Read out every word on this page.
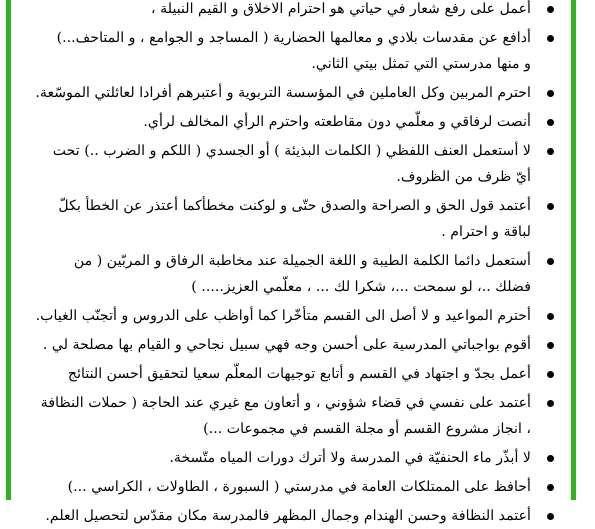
أعمل على رفع شعار في حياتي هو احترام الاخلاق و القيم النبيلة ،
أدافع عن مقدسات بلادي و معالمها الحضارية ( المساجد و الجوامع ، و المتاحف...)
و منها مدرستي التي تمثل بيتي الثاني.
احترم المربين وكل العاملين في المؤسسة التربوية و أعتبرهم أفرادا لعائلتي الموسّعة.
أنصت لرفاقي و معلّمي دون مقاطعته واحترم الرأي المخالف لرأي.
لا أستعمل العنف اللفظي ( الكلمات البذيئة ) أو الجسدي ( اللكم و الضرب ..) تحت
أيّ ظرف من الظروف.
أعتمد قول الحق و الصراحة والصدق حتّى و لوكنت مخطأكما أعتذر عن الخطأ بكلّ
لباقة و احترام .
أستعمل دائما الكلمة الطيبة و اللغة الجميلة عند مخاطبة الرفاق و المربّين ( من
فضلك ..، لو سمحت ...، شكرا لك ... ، معلّمي العزيز..... )
أحترم المواعيد و لا أصل الى القسم متأخّرا كما أواظب على الدروس و أتجنّب الغياب.
أقوم بواجباتي المدرسية على أحسن وجه فهي سبيل نجاحي و القيام بها مصلحة لي .
أعمل بجدّ و اجتهاد في القسم و أتابع توجيهات المعلّم سعيا لتحقيق أحسن النتائج
أعتمد على نفسي في قضاء شؤوني ، و أتعاون مع غيري عند الحاجة ( حملات النظافة
، انجاز مشروع القسم أو مجلة القسم في مجموعات ...)
لا أبذّر ماء الحنفيّة في المدرسة ولا أترك دورات المياه متّسخة.
أحافظ على الممتلكات العامة في مدرستي ( السبورة ، الطاولات ، الكراسي ...)
أعتمد النظافة وحسن الهندام وجمال المظهر فالمدرسة مكان مقدّس لتحصيل العلم.
